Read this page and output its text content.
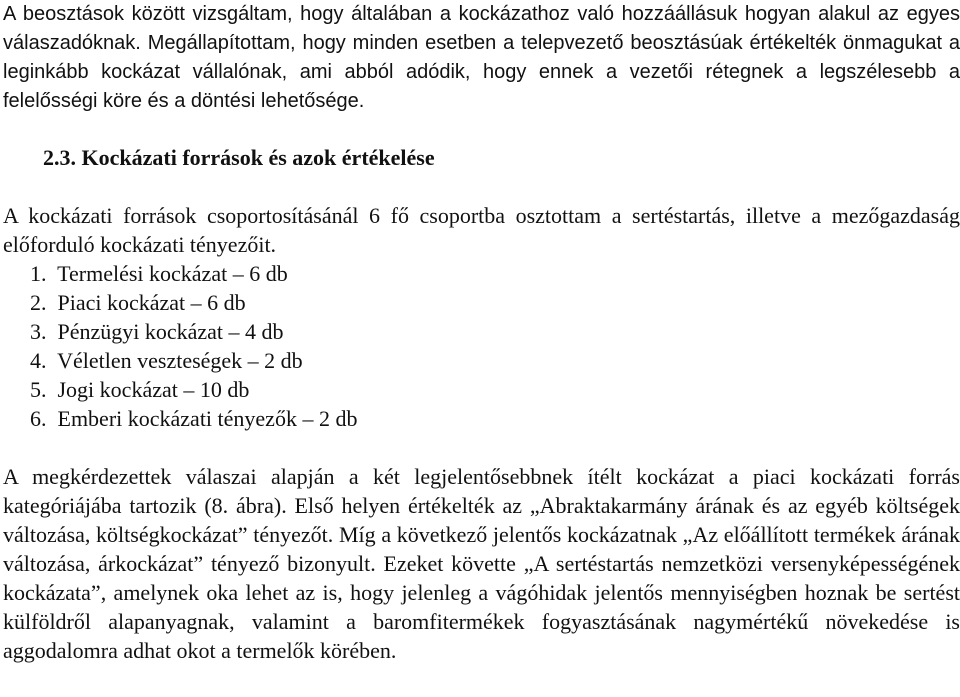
A beosztások között vizsgáltam, hogy általában a kockázathoz való hozzáállásuk hogyan alakul az egyes válaszadóknak. Megállapítottam, hogy minden esetben a telepvezető beosztásúak értékelték önmagukat a leginkább kockázat vállalónak, ami abból adódik, hogy ennek a vezetői rétegnek a legszélesebb a felelősségi köre és a döntési lehetősége.

2.3. Kockázati források és azok értékelése

A kockázati források csoportosításánál 6 fő csoportba osztottam a sertéstartás, illetve a mezőgazdaság előforduló kockázati tényezőit.

1. Termelési kockázat – 6 db
2. Piaci kockázat – 6 db
3. Pénzügyi kockázat – 4 db
4. Véletlen veszteségek – 2 db
5. Jogi kockázat – 10 db
6. Emberi kockázati tényezők – 2 db

A megkérdezettek válaszai alapján a két legjelentősebbnek ítélt kockázat a piaci kockázati forrás kategóriájába tartozik (8. ábra). Első helyen értékelték az „Abraktakarmány árának és az egyéb költségek változása, költségkockázat” tényezőt. Míg a következő jelentős kockázatnak „Az előállított termékek árának változása, árkockázat” tényező bizonyult. Ezeket követte „A sertéstartás nemzetközi versenyképességének kockázata”, amelynek oka lehet az is, hogy jelenleg a vágóhidak jelentős mennyiségben hoznak be sertést külföldről alapanyagnak, valamint a baromfitermékek fogyasztásának nagymértékű növekedése is aggodalomra adhat okot a termelők körében.
